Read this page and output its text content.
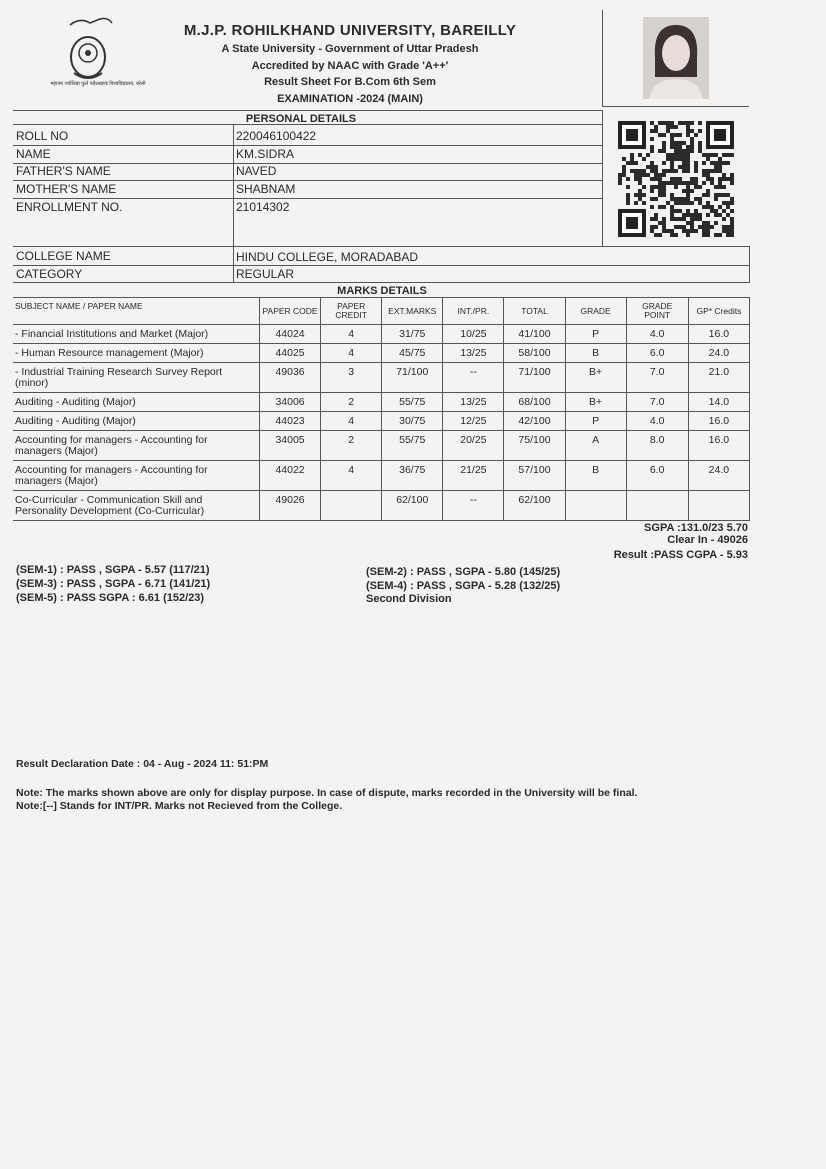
महात्मा ज्योतिबा फुले रुहेलखण्ड विश्वविद्यालय, बरेली
M.J.P. ROHILKHAND UNIVERSITY, BAREILLY
A State University - Government of Uttar Pradesh
Accredited by NAAC with Grade 'A++'
Result Sheet For B.Com 6th Sem
EXAMINATION -2024 (MAIN)
PERSONAL DETAILS
ROLL NO	220046100422
NAME	KM.SIDRA
FATHER'S NAME	NAVED
MOTHER'S NAME	SHABNAM
ENROLLMENT NO.	21014302
COLLEGE NAME	HINDU COLLEGE, MORADABAD
CATEGORY	REGULAR
MARKS DETAILS
SUBJECT NAME / PAPER NAME	PAPER CODE	PAPER CREDIT	EXT.MARKS	INT./PR.	TOTAL	GRADE	GRADE POINT	GP* Credits
- Financial Institutions and Market (Major)	44024	4	31/75	10/25	41/100	P	4.0	16.0
- Human Resource management (Major)	44025	4	45/75	13/25	58/100	B	6.0	24.0
- Industrial Training Research Survey Report (minor)	49036	3	71/100	--	71/100	B+	7.0	21.0
Auditing - Auditing (Major)	34006	2	55/75	13/25	68/100	B+	7.0	14.0
Auditing - Auditing (Major)	44023	4	30/75	12/25	42/100	P	4.0	16.0
Accounting for managers - Accounting for managers (Major)	34005	2	55/75	20/25	75/100	A	8.0	16.0
Accounting for managers - Accounting for managers (Major)	44022	4	36/75	21/25	57/100	B	6.0	24.0
Co-Curricular - Communication Skill and Personality Development (Co-Curricular)	49026		62/100	--	62/100			
SGPA :131.0/23 5.70
Clear In - 49026
Result :PASS CGPA - 5.93
(SEM-1) : PASS , SGPA - 5.57 (117/21)
(SEM-3) : PASS , SGPA - 6.71 (141/21)
(SEM-5) : PASS SGPA : 6.61 (152/23)
(SEM-2) : PASS , SGPA - 5.80 (145/25)
(SEM-4) : PASS , SGPA - 5.28 (132/25)
Second Division
Result Declaration Date : 04 - Aug - 2024 11: 51:PM
Note: The marks shown above are only for display purpose. In case of dispute, marks recorded in the University will be final.
Note:[--] Stands for INT/PR. Marks not Recieved from the College.
